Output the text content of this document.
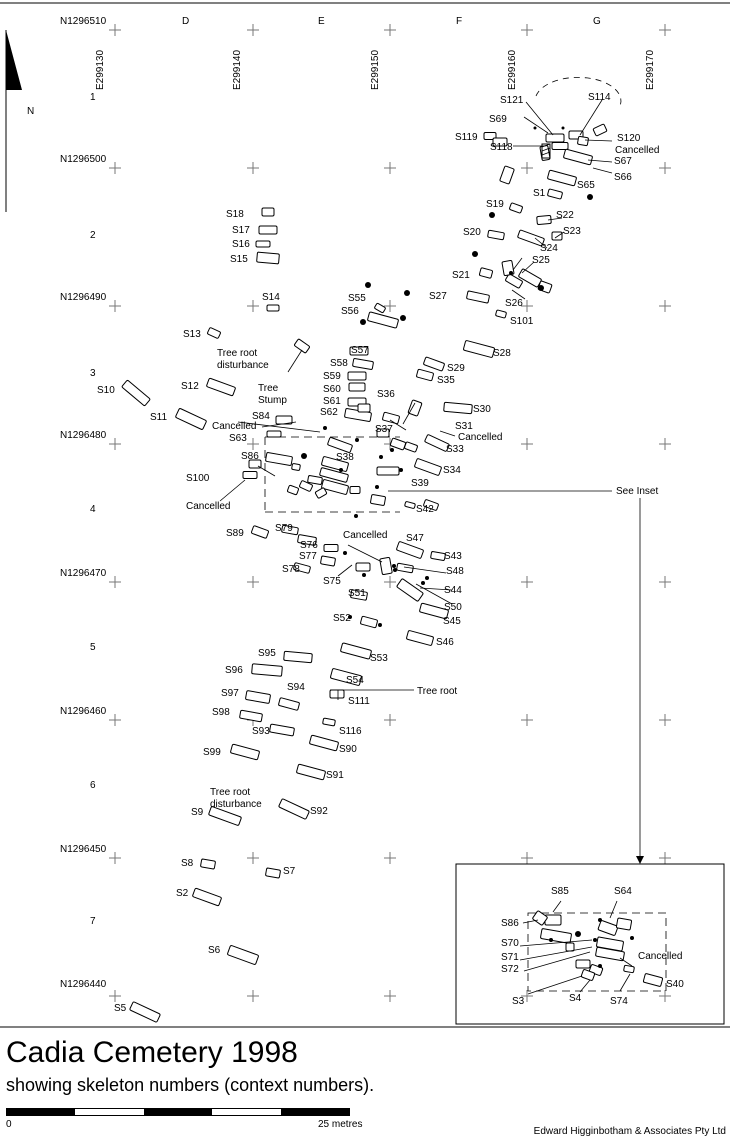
D	E	F	G
1
2
3
4
5
6
7
N1296510
N1296500
N1296490
N1296480
N1296470
N1296460
N1296450
N1296440
E299130	E299140	E299150	E299160	E299170
N
S121	S114
S69
S120
S119
S118
S67
S66
S65
S1
S19
S22
S23
S20
S24
S25
S21
S27
S26
S101
S18
S17
S16
S15
S14	S55
S56
S13
S28
S57
S58	S29
S59	S35
S10	S12	S60	S36
S61
S30
S11	S62
S84
S37	S31
S63
S33
S86	S38
S34
S39
S100
S42
S89	S79
S47
S76
S77	S43
S78	S48
S75
S44
S51
S50
S52	S45
S46
S53
S95
S96
S54
S94
S97
S111
S98
S93	S116
S90
S99
S91
S92
S9
S8
S7
S2
S6
S5
S85	S64
S86
S70
S71
S72
S40
S3	S4	S74
Cancelled
Cancelled
Cancelled
Cancelled
Cancelled
Cancelled
Tree root disturbance
Tree root disturbance
Tree Stump
Tree root
See Inset
Cadia Cemetery 1998
showing skeleton numbers (context numbers).
0	25 metres
Edward Higginbotham & Associates Pty Ltd
